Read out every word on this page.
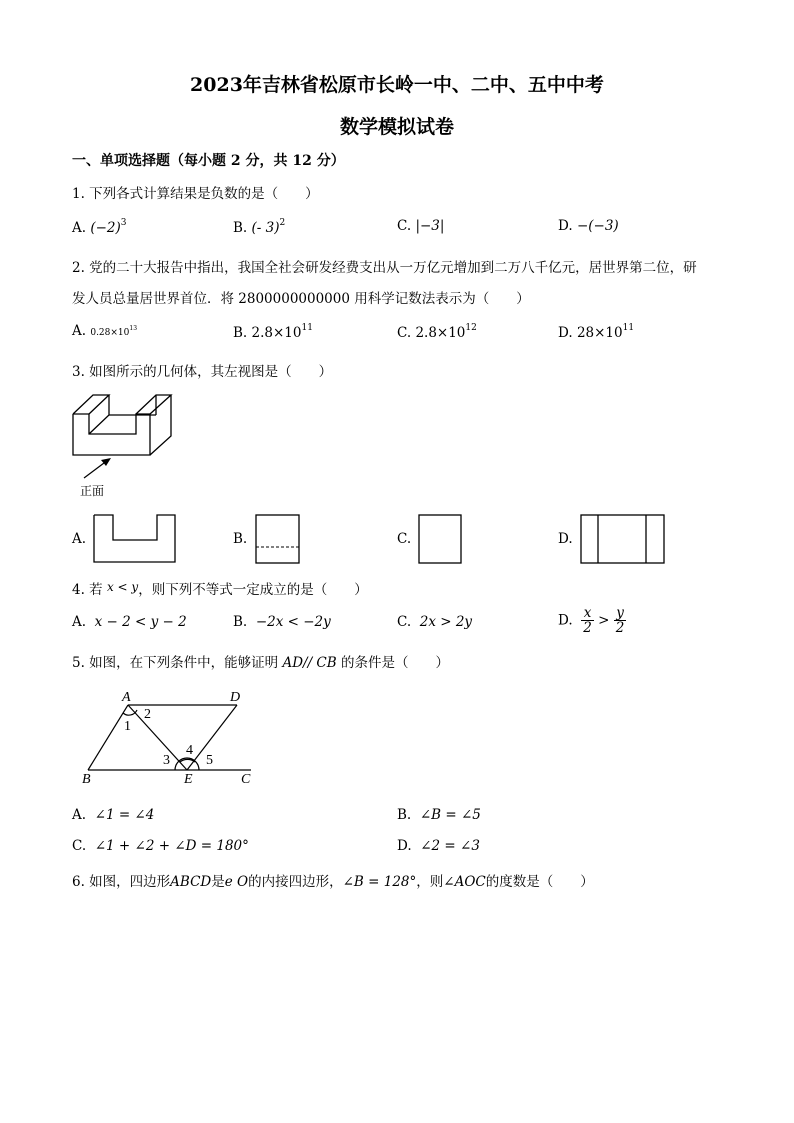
2023年吉林省松原市长岭一中、二中、五中中考
数学模拟试卷
一、单项选择题（每小题 2 分，共 12 分）
1. 下列各式计算结果是负数的是（　　）
A. $(-2)^3$	B. (- 3)$^2$	C. |−3|	D. −(−3)
2. 党的二十大报告中指出，我国全社会研发经费支出从一万亿元增加到二万八千亿元，居世界第二位，研
发人员总量居世界首位．将 2800000000000 用科学记数法表示为（　　）
A. $0.28\times 10^{13}$	B. $2.8\times 10^{11}$	C. $2.8\times 10^{12}$	D. $28\times 10^{11}$
3. 如图所示的几何体，其左视图是（　　）
正面
A.	B.	C.	D.
4. 若 x < y，则下列不等式一定成立的是（　　）
A. x − 2 < y − 2	B. −2x < −2y	C. 2x > 2y	D. $\frac{x}{2} > \frac{y}{2}$
5. 如图，在下列条件中，能够证明 AD// CB 的条件是（　　）
A	D
B	E	C
1
2
3
4
5
A. ∠1 = ∠4	B. ∠B = ∠5
C. ∠1 + ∠2 + ∠D = 180°	D. ∠2 = ∠3
6. 如图，四边形ABCD是e O的内接四边形，∠B = 128°，则∠AOC的度数是（　　）
